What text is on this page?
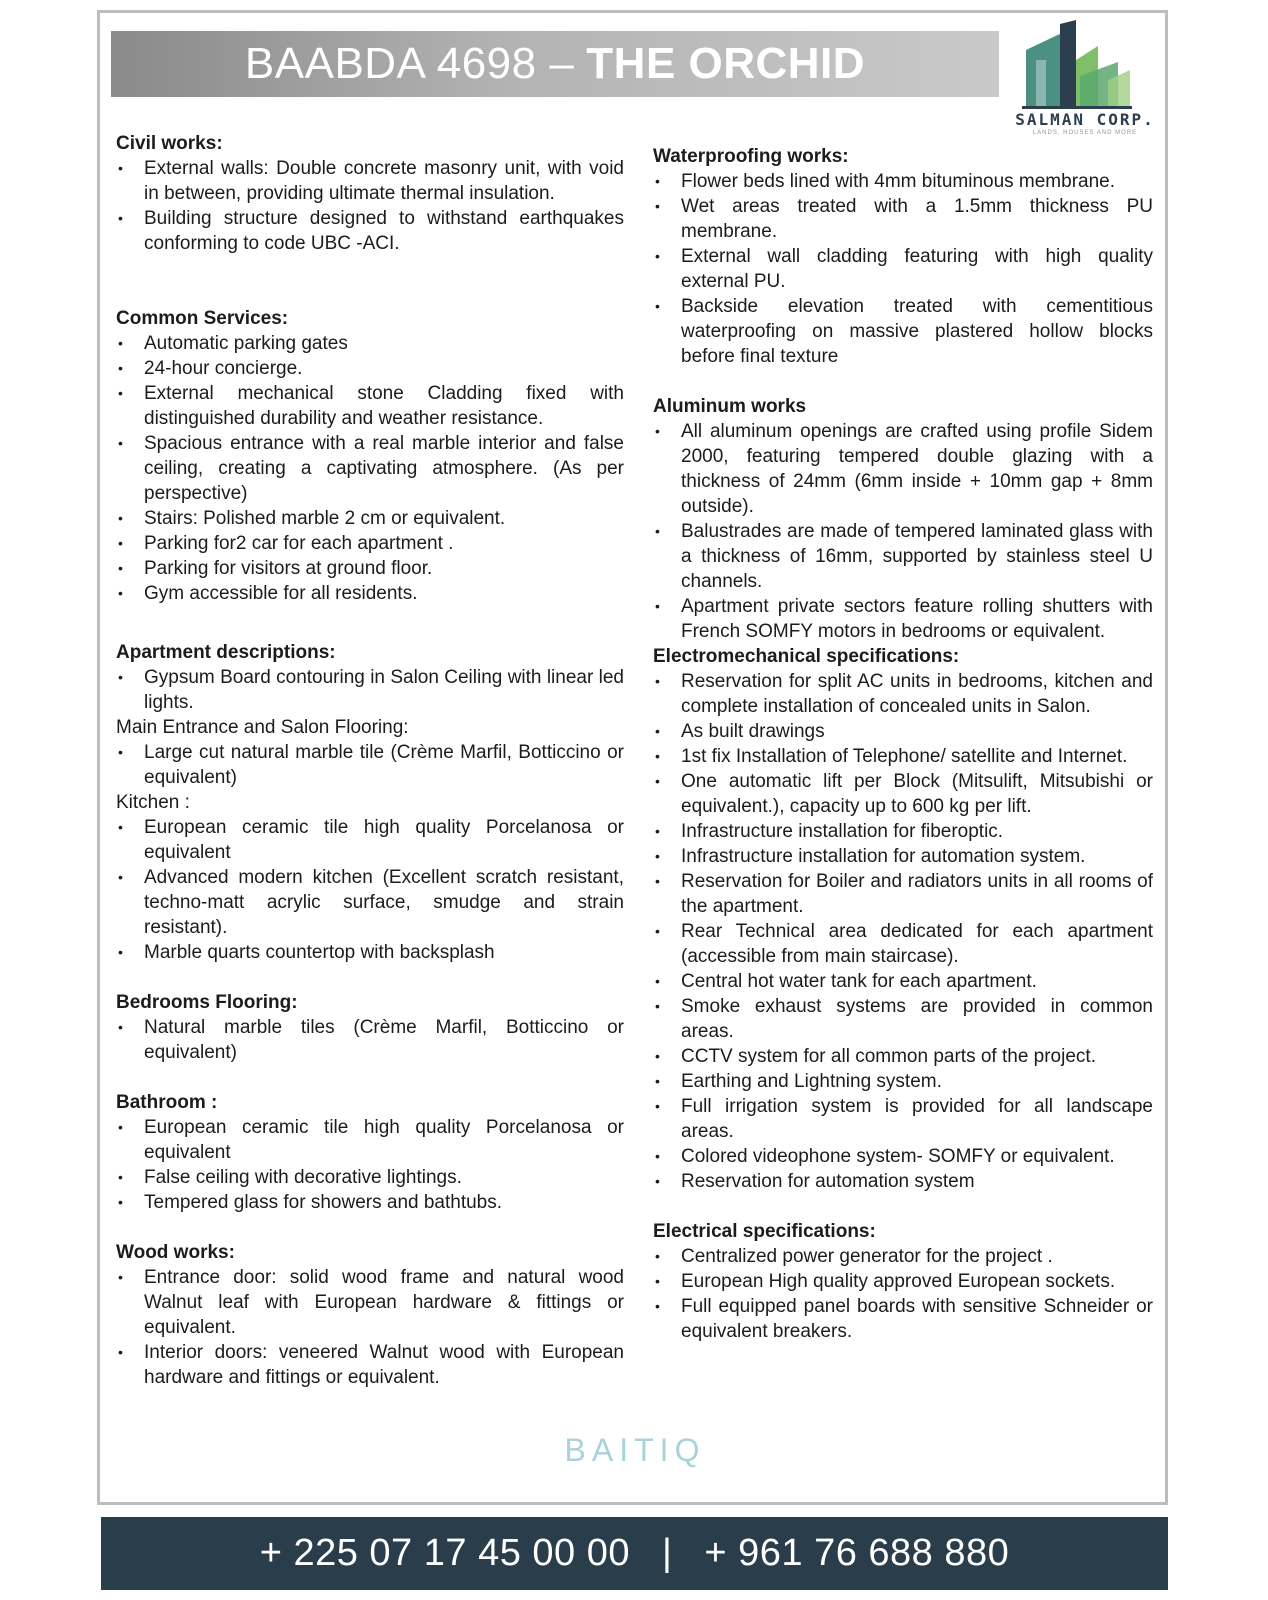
BAABDA 4698 – THE ORCHID
SALMAN CORP.
LANDS, HOUSES AND MORE
Civil works:
• External walls: Double concrete masonry unit, with void in between, providing ultimate thermal insulation.
• Building structure designed to withstand earthquakes conforming to code UBC -ACI.
Common Services:
• Automatic parking gates
• 24-hour concierge.
• External mechanical stone Cladding fixed with distinguished durability and weather resistance.
• Spacious entrance with a real marble interior and false ceiling, creating a captivating atmosphere. (As per perspective)
• Stairs: Polished marble 2 cm or equivalent.
• Parking for2 car for each apartment .
• Parking for visitors at ground floor.
• Gym accessible for all residents.
Apartment descriptions:
• Gypsum Board contouring in Salon Ceiling with linear led lights.
Main Entrance and Salon Flooring:
• Large cut natural marble tile (Crème Marfil, Botticcino or equivalent)
Kitchen :
• European ceramic tile high quality Porcelanosa or equivalent
• Advanced modern kitchen (Excellent scratch resistant, techno-matt acrylic surface, smudge and strain resistant).
• Marble quarts countertop with backsplash
Bedrooms Flooring:
• Natural marble tiles (Crème Marfil, Botticcino or equivalent)
Bathroom :
• European ceramic tile high quality Porcelanosa or equivalent
• False ceiling with decorative lightings.
• Tempered glass for showers and bathtubs.
Wood works:
• Entrance door: solid wood frame and natural wood Walnut leaf with European hardware & fittings or equivalent.
• Interior doors: veneered Walnut wood with European hardware and fittings or equivalent.
Waterproofing works:
• Flower beds lined with 4mm bituminous membrane.
• Wet areas treated with a 1.5mm thickness PU membrane.
• External wall cladding featuring with high quality external PU.
• Backside elevation treated with cementitious waterproofing on massive plastered hollow blocks before final texture
Aluminum works
• All aluminum openings are crafted using profile Sidem 2000, featuring tempered double glazing with a thickness of 24mm (6mm inside + 10mm gap + 8mm outside).
• Balustrades are made of tempered laminated glass with a thickness of 16mm, supported by stainless steel U channels.
• Apartment private sectors feature rolling shutters with French SOMFY motors in bedrooms or equivalent.
Electromechanical specifications:
• Reservation for split AC units in bedrooms, kitchen and complete installation of concealed units in Salon.
• As built drawings
• 1st fix Installation of Telephone/ satellite and Internet.
• One automatic lift per Block (Mitsulift, Mitsubishi or equivalent.), capacity up to 600 kg per lift.
• Infrastructure installation for fiberoptic.
• Infrastructure installation for automation system.
• Reservation for Boiler and radiators units in all rooms of the apartment.
• Rear Technical area dedicated for each apartment (accessible from main staircase).
• Central hot water tank for each apartment.
• Smoke exhaust systems are provided in common areas.
• CCTV system for all common parts of the project.
• Earthing and Lightning system.
• Full irrigation system is provided for all landscape areas.
• Colored videophone system- SOMFY or equivalent.
• Reservation for automation system
Electrical specifications:
• Centralized power generator for the project .
• European High quality approved European sockets.
• Full equipped panel boards with sensitive Schneider or equivalent breakers.
BAITIQ
+ 225 07 17 45 00 00 | + 961 76 688 880
